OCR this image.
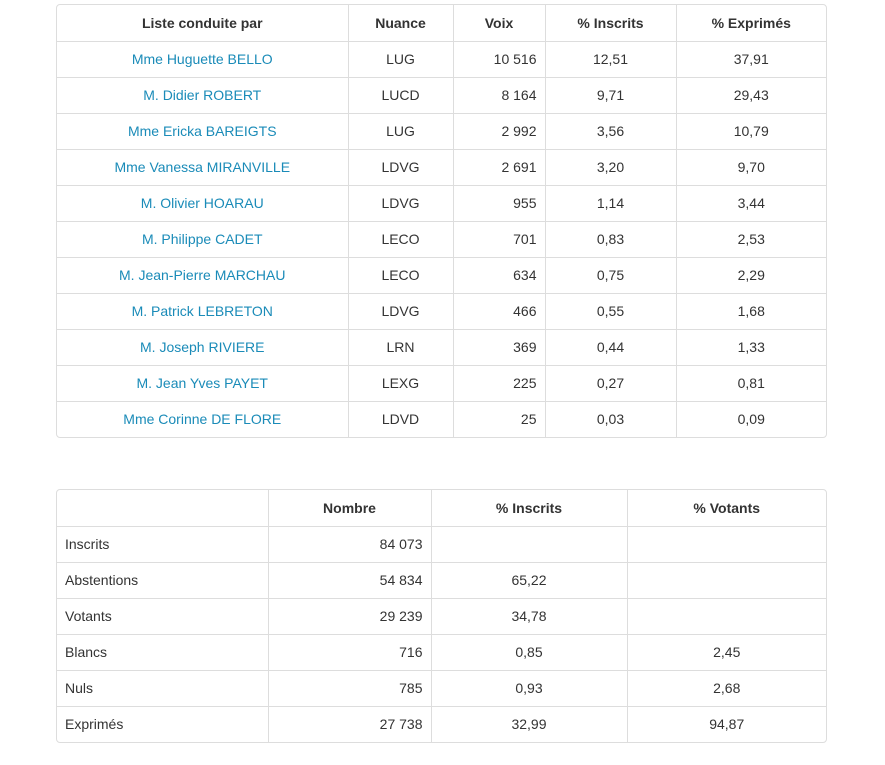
Liste conduite par	Nuance	Voix	% Inscrits	% Exprimés
Mme Huguette BELLO	LUG	10 516	12,51	37,91
M. Didier ROBERT	LUCD	8 164	9,71	29,43
Mme Ericka BAREIGTS	LUG	2 992	3,56	10,79
Mme Vanessa MIRANVILLE	LDVG	2 691	3,20	9,70
M. Olivier HOARAU	LDVG	955	1,14	3,44
M. Philippe CADET	LECO	701	0,83	2,53
M. Jean-Pierre MARCHAU	LECO	634	0,75	2,29
M. Patrick LEBRETON	LDVG	466	0,55	1,68
M. Joseph RIVIERE	LRN	369	0,44	1,33
M. Jean Yves PAYET	LEXG	225	0,27	0,81
Mme Corinne DE FLORE	LDVD	25	0,03	0,09
	Nombre	% Inscrits	% Votants
Inscrits	84 073		
Abstentions	54 834	65,22	
Votants	29 239	34,78	
Blancs	716	0,85	2,45
Nuls	785	0,93	2,68
Exprimés	27 738	32,99	94,87
